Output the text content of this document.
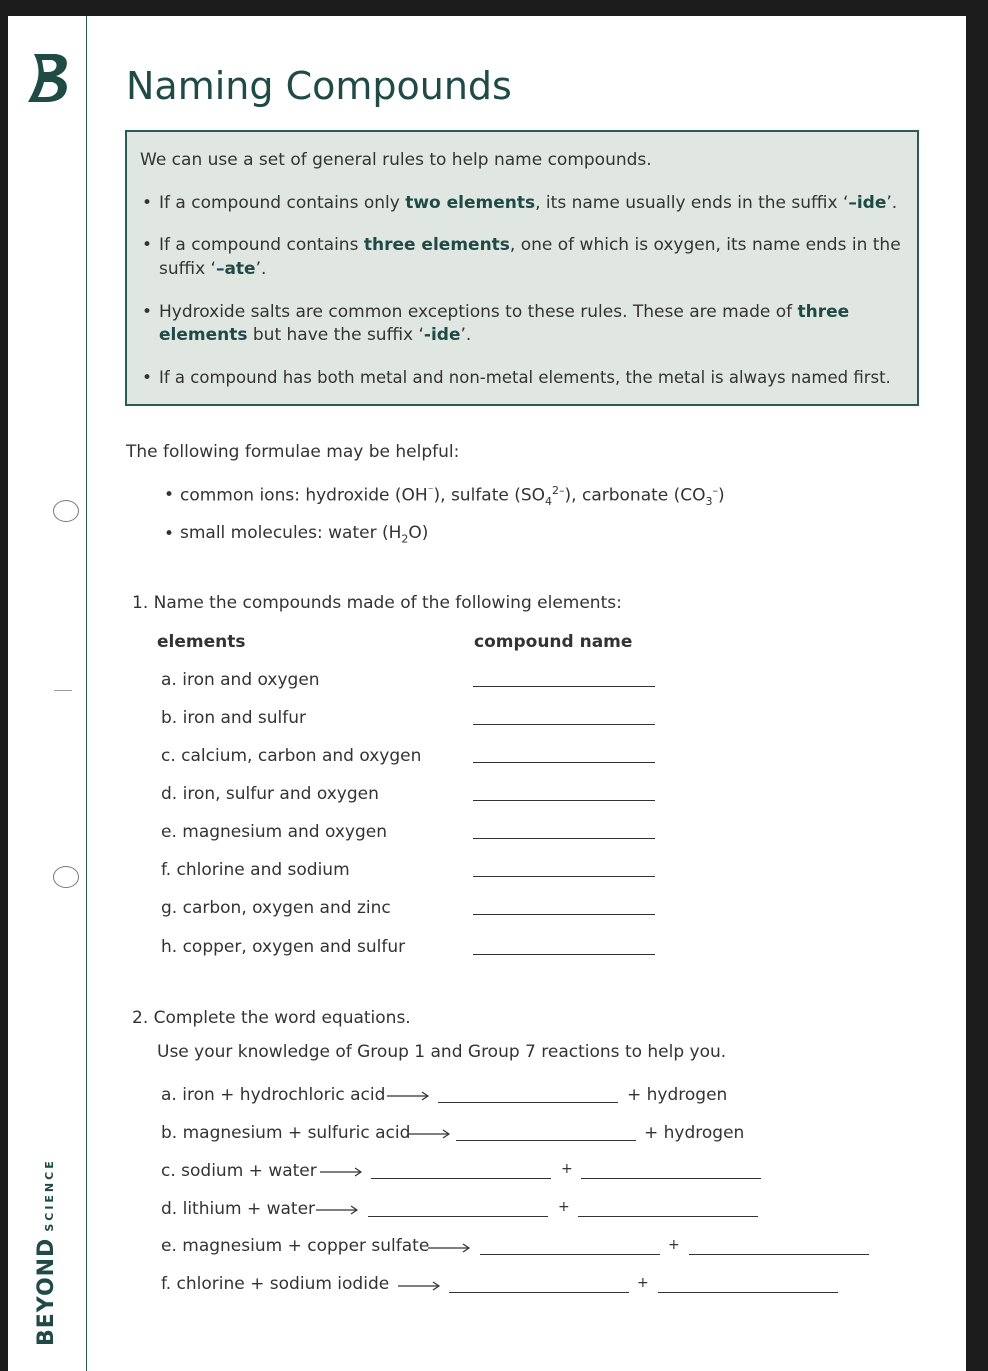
Naming Compounds
We can use a set of general rules to help name compounds.
• If a compound contains only two elements, its name usually ends in the suffix ‘–ide’.
• If a compound contains three elements, one of which is oxygen, its name ends in the
suffix ‘–ate’.
• Hydroxide salts are common exceptions to these rules. These are made of three
elements but have the suffix ‘-ide’.
• If a compound has both metal and non-metal elements, the metal is always named first.
The following formulae may be helpful:
• common ions: hydroxide (OH⁻), sulfate $(SO_4^{2-})$, carbonate $(CO_3^-)$
• small molecules: water $(H_2O)$
1. Name the compounds made of the following elements:
elements	compound name
a. iron and oxygen
b. iron and sulfur
c. calcium, carbon and oxygen
d. iron, sulfur and oxygen
e. magnesium and oxygen
f. chlorine and sodium
g. carbon, oxygen and zinc
h. copper, oxygen and sulfur
2. Complete the word equations.
Use your knowledge of Group 1 and Group 7 reactions to help you.
a. iron + hydrochloric acid	+ hydrogen
b. magnesium + sulfuric acid	+ hydrogen
c. sodium + water	+
d. lithium + water	+
e. magnesium + copper sulfate	+
f. chlorine + sodium iodide	+
BEYONDSCIENCE
